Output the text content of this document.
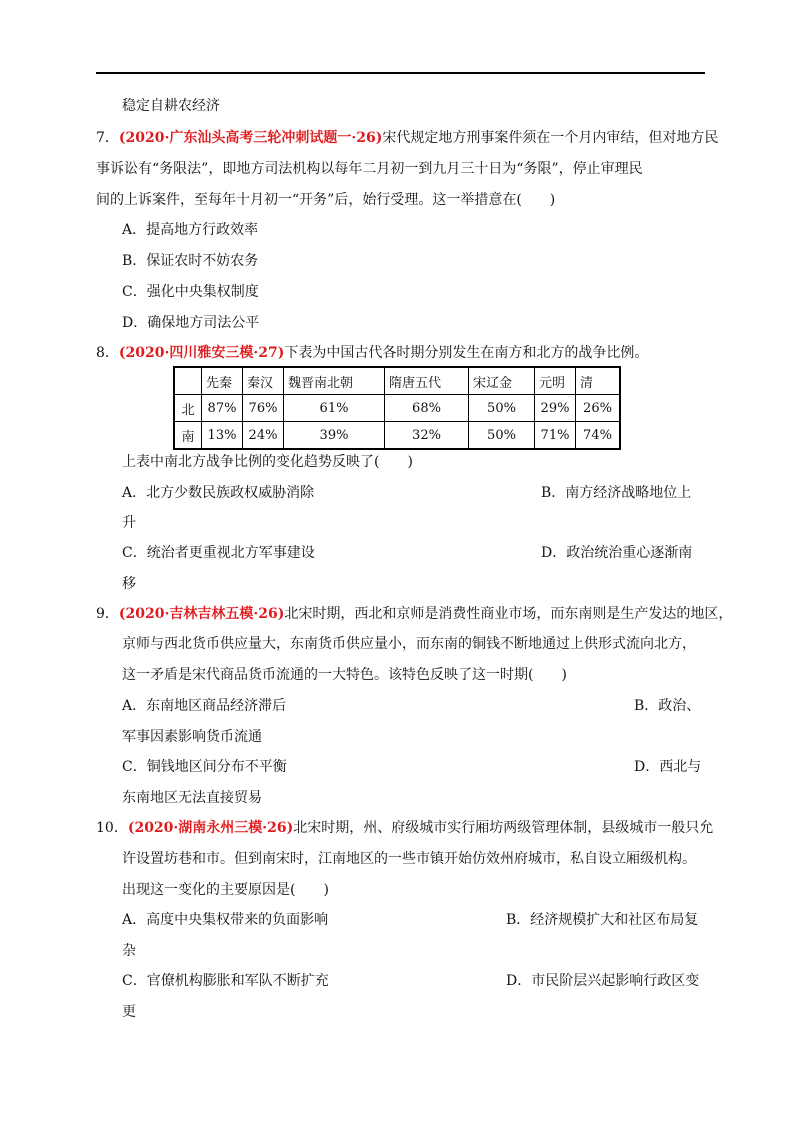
稳定自耕农经济
7．(2020·广东汕头高考三轮冲刺试题一·26)宋代规定地方刑事案件须在一个月内审结，但对地方民
事诉讼有“务限法”，即地方司法机构以每年二月初一到九月三十日为“务限”，停止审理民
间的上诉案件，至每年十月初一“开务”后，始行受理。这一举措意在(　　)
A．提高地方行政效率
B．保证农时不妨农务
C．强化中央集权制度
D．确保地方司法公平
8．(2020·四川雅安三模·27)下表为中国古代各时期分别发生在南方和北方的战争比例。
	先秦	秦汉	魏晋南北朝	隋唐五代	宋辽金	元明	清
北	87%	76%	61%	68%	50%	29%	26%
南	13%	24%	39%	32%	50%	71%	74%
上表中南北方战争比例的变化趋势反映了(　　)
A．北方少数民族政权威胁消除	B．南方经济战略地位上
升
C．统治者更重视北方军事建设	D．政治统治重心逐渐南
移
9．(2020·吉林吉林五模·26)北宋时期，西北和京师是消费性商业市场，而东南则是生产发达的地区，
京师与西北货币供应量大，东南货币供应量小，而东南的铜钱不断地通过上供形式流向北方，
这一矛盾是宋代商品货币流通的一大特色。该特色反映了这一时期(　　)
A．东南地区商品经济滞后	B．政治、
军事因素影响货币流通
C．铜钱地区间分布不平衡	D．西北与
东南地区无法直接贸易
10．(2020·湖南永州三模·26)北宋时期，州、府级城市实行厢坊两级管理体制，县级城市一般只允
许设置坊巷和市。但到南宋时，江南地区的一些市镇开始仿效州府城市，私自设立厢级机构。
出现这一变化的主要原因是(　　)
A．高度中央集权带来的负面影响	B．经济规模扩大和社区布局复
杂
C．官僚机构膨胀和军队不断扩充	D．市民阶层兴起影响行政区变
更
